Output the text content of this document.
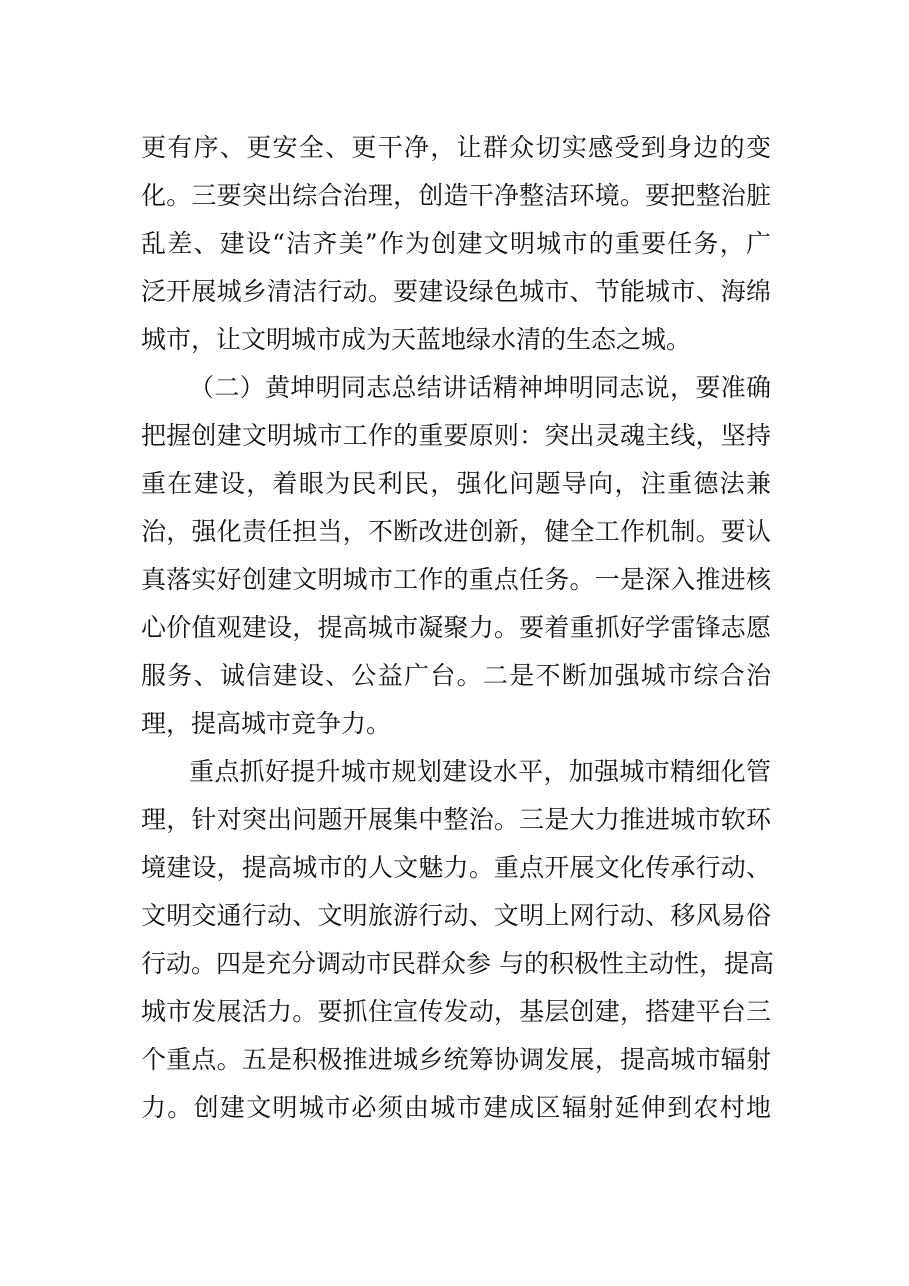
更有序、更安全、更干净，让群众切实感受到身边的变
化。三要突出综合治理，创造干净整洁环境。要把整治脏
乱差、建设“洁齐美”作为创建文明城市的重要任务，广
泛开展城乡清洁行动。要建设绿色城市、节能城市、海绵
城市，让文明城市成为天蓝地绿水清的生态之城。
（二）黄坤明同志总结讲话精神坤明同志说，要准确
把握创建文明城市工作的重要原则：突出灵魂主线，坚持
重在建设，着眼为民利民，强化问题导向，注重德法兼
治，强化责任担当，不断改进创新，健全工作机制。要认
真落实好创建文明城市工作的重点任务。一是深入推进核
心价值观建设，提高城市凝聚力。要着重抓好学雷锋志愿
服务、诚信建设、公益广台。二是不断加强城市综合治
理，提高城市竞争力。
重点抓好提升城市规划建设水平，加强城市精细化管
理，针对突出问题开展集中整治。三是大力推进城市软环
境建设，提高城市的人文魅力。重点开展文化传承行动、
文明交通行动、文明旅游行动、文明上网行动、移风易俗
行动。四是充分调动市民群众参 与的积极性主动性，提高
城市发展活力。要抓住宣传发动，基层创建，搭建平台三
个重点。五是积极推进城乡统筹协调发展，提高城市辐射
力。创建文明城市必须由城市建成区辐射延伸到农村地
